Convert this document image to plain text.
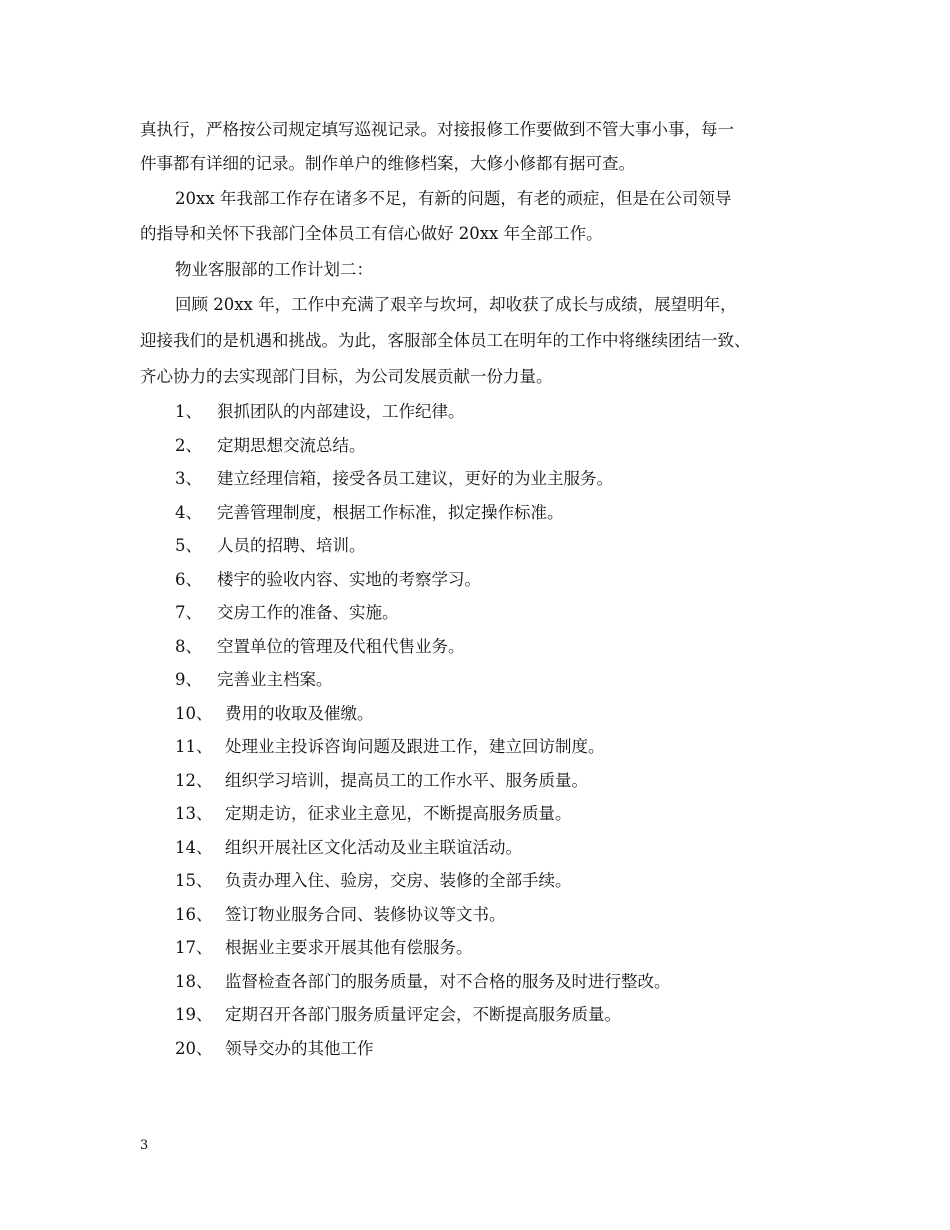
真执行，严格按公司规定填写巡视记录。对接报修工作要做到不管大事小事，每一
件事都有详细的记录。制作单户的维修档案，大修小修都有据可查。
20xx 年我部工作存在诸多不足，有新的问题，有老的顽症，但是在公司领导
的指导和关怀下我部门全体员工有信心做好 20xx 年全部工作。
物业客服部的工作计划二：
回顾 20xx 年，工作中充满了艰辛与坎坷，却收获了成长与成绩，展望明年，
迎接我们的是机遇和挑战。为此，客服部全体员工在明年的工作中将继续团结一致、
齐心协力的去实现部门目标，为公司发展贡献一份力量。
1、 狠抓团队的内部建设，工作纪律。
2、 定期思想交流总结。
3、 建立经理信箱，接受各员工建议，更好的为业主服务。
4、 完善管理制度，根据工作标准，拟定操作标准。
5、 人员的招聘、培训。
6、 楼宇的验收内容、实地的考察学习。
7、 交房工作的准备、实施。
8、 空置单位的管理及代租代售业务。
9、 完善业主档案。
10、 费用的收取及催缴。
11、 处理业主投诉咨询问题及跟进工作，建立回访制度。
12、 组织学习培训，提高员工的工作水平、服务质量。
13、 定期走访，征求业主意见，不断提高服务质量。
14、 组织开展社区文化活动及业主联谊活动。
15、 负责办理入住、验房，交房、装修的全部手续。
16、 签订物业服务合同、装修协议等文书。
17、 根据业主要求开展其他有偿服务。
18、 监督检查各部门的服务质量，对不合格的服务及时进行整改。
19、 定期召开各部门服务质量评定会，不断提高服务质量。
20、 领导交办的其他工作
3
